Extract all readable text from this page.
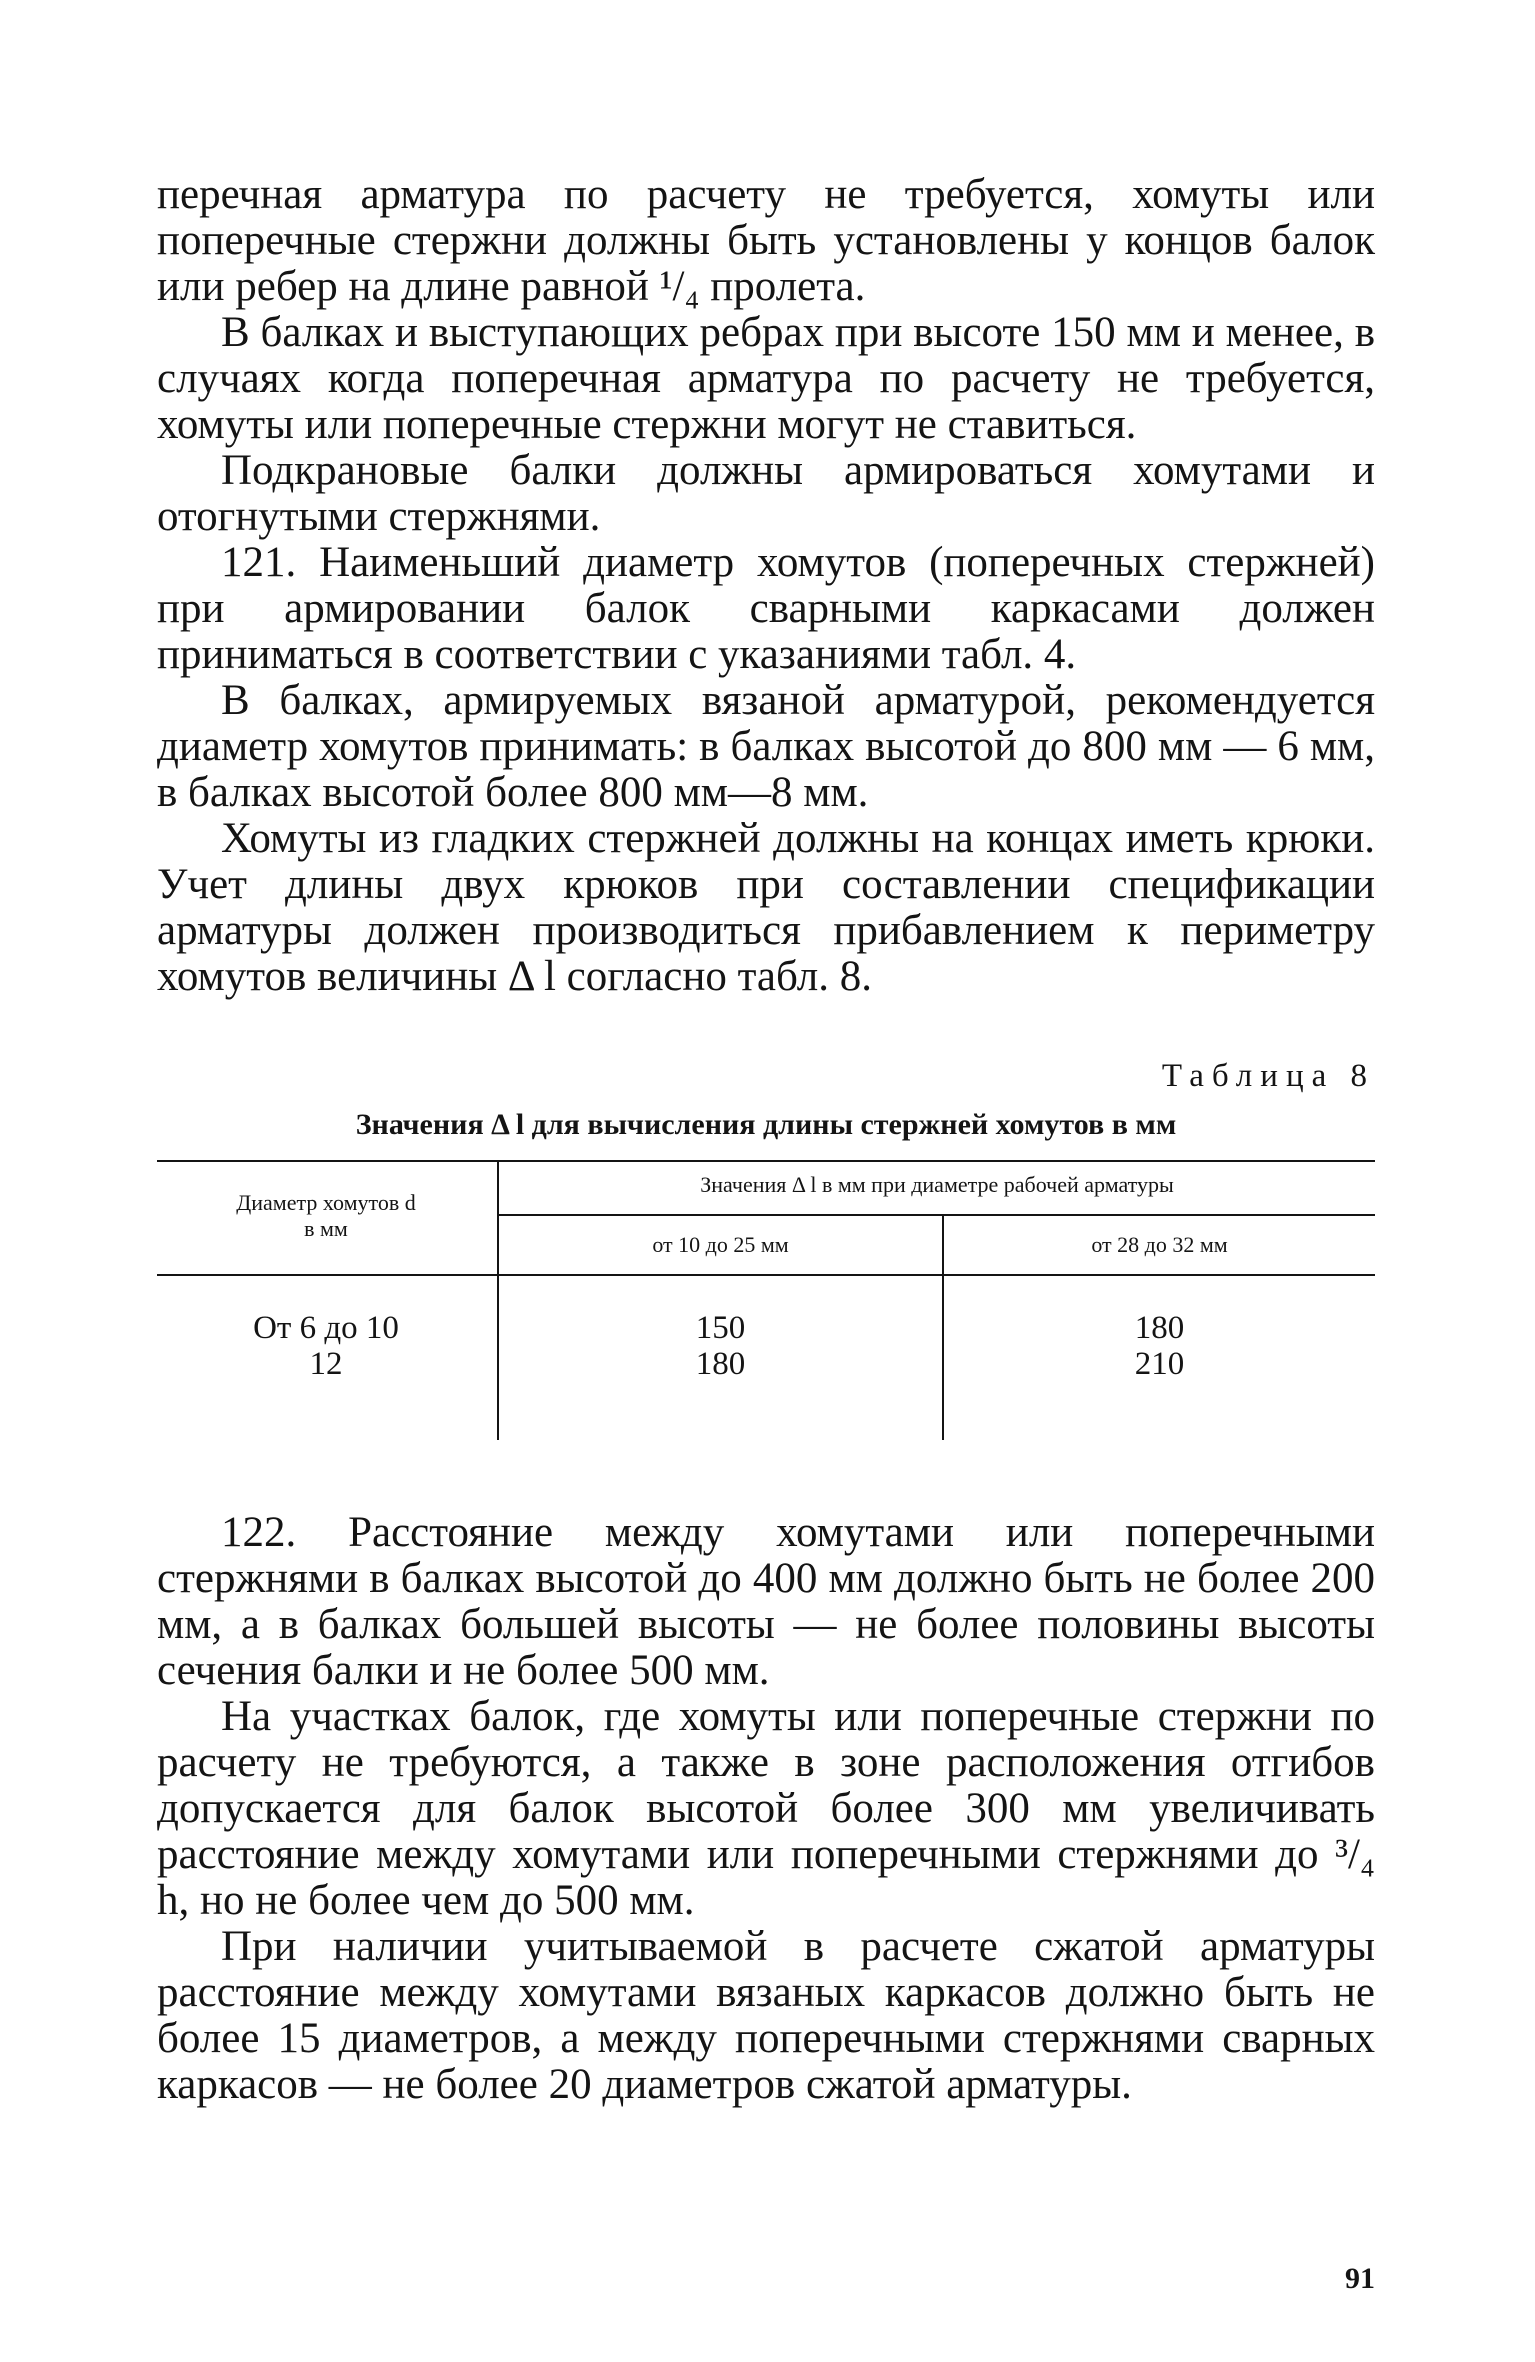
перечная арматура по расчету не требуется, хомуты или поперечные стержни должны быть установлены у концов балок или ребер на длине равной ¹/₄ пролета.

В балках и выступающих ребрах при высоте 150 мм и менее, в случаях когда поперечная арматура по расчету не требуется, хомуты или поперечные стержни могут не ставиться.

Подкрановые балки должны армироваться хомутами и отогнутыми стержнями.

121. Наименьший диаметр хомутов (поперечных стержней) при армировании балок сварными каркасами должен приниматься в соответствии с указаниями табл. 4.

В балках, армируемых вязаной арматурой, рекомендуется диаметр хомутов принимать: в балках высотой до 800 мм — 6 мм, в балках высотой более 800 мм—8 мм.

Хомуты из гладких стержней должны на концах иметь крюки. Учет длины двух крюков при составлении спецификации арматуры должен производиться прибавлением к периметру хомутов величины Δ l согласно табл. 8.

Таблица 8
Значения Δ l для вычисления длины стержней хомутов в мм
Диаметр хомутов d
в мм
Значения Δ l в мм при диаметре рабочей арматуры
от 10 до 25 мм	от 28 до 32 мм
От 6 до 10	150	180
12	180	210

122. Расстояние между хомутами или поперечными стержнями в балках высотой до 400 мм должно быть не более 200 мм, а в балках большей высоты — не более половины высоты сечения балки и не более 500 мм.

На участках балок, где хомуты или поперечные стержни по расчету не требуются, а также в зоне расположения отгибов допускается для балок высотой более 300 мм увеличивать расстояние между хомутами или поперечными стержнями до ³/₄ h, но не более чем до 500 мм.

При наличии учитываемой в расчете сжатой арматуры расстояние между хомутами вязаных каркасов должно быть не более 15 диаметров, а между поперечными стержнями сварных каркасов — не более 20 диаметров сжатой арматуры.

91
